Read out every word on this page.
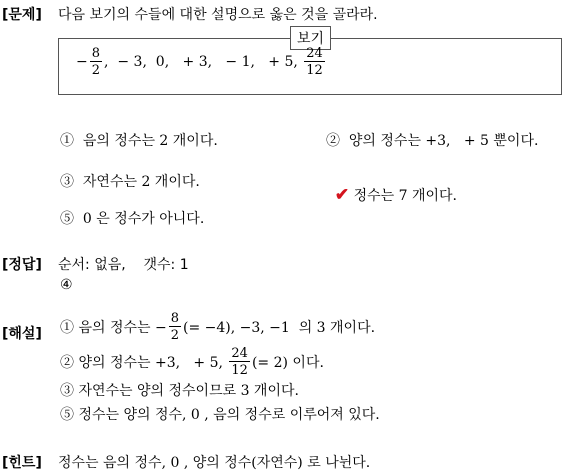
[문제] 다음 보기의 수들에 대한 설명으로 옳은 것을 골라라.
보기
− $\frac{8}{2}$ ,  − 3,  0,   + 3,   − 1,   + 5, $\frac{24}{12}$
①  음의 정수는 2 개이다.	②  양의 정수는 +3,   + 5 뿐이다.
③  자연수는 2 개이다.

✔ 정수는 7 개이다.

⑤  0 은 정수가 아니다.
[정답] 순서: 없음,    갯수: 1
④
[해설] ① 음의 정수는 − $\frac{8}{2}$ (= −4), −3, −1  의 3 개이다.
② 양의 정수는 +3,   + 5, $\frac{24}{12}$ (= 2) 이다.
③ 자연수는 양의 정수이므로 3 개이다.
⑤ 정수는 양의 정수, 0 , 음의 정수로 이루어져 있다.
[힌트] 정수는 음의 정수, 0 , 양의 정수(자연수) 로 나뉜다.
